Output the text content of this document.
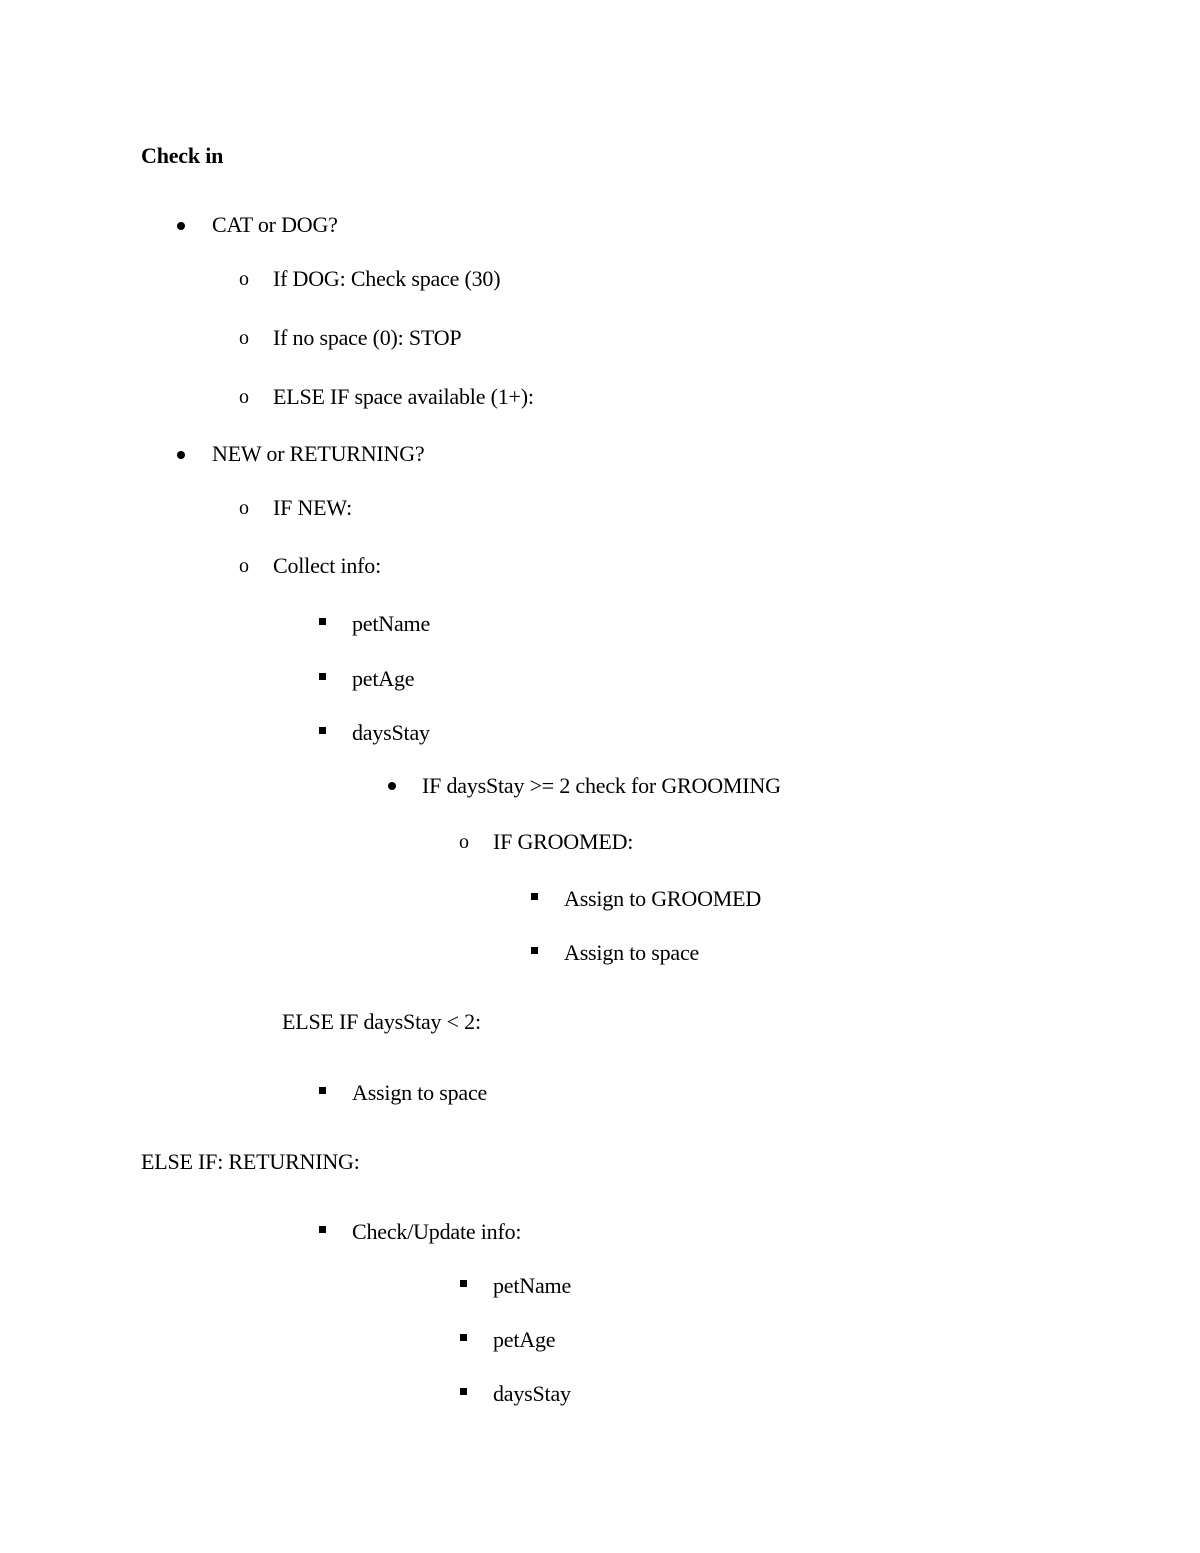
Check in
CAT or DOG?
o If DOG: Check space (30)
o If no space (0): STOP
o ELSE IF space available (1+):
NEW or RETURNING?
o IF NEW:
o Collect info:
petName
petAge
daysStay
IF daysStay >= 2 check for GROOMING
o IF GROOMED:
Assign to GROOMED
Assign to space
ELSE IF daysStay < 2:
Assign to space
ELSE IF: RETURNING:
Check/Update info:
petName
petAge
daysStay
